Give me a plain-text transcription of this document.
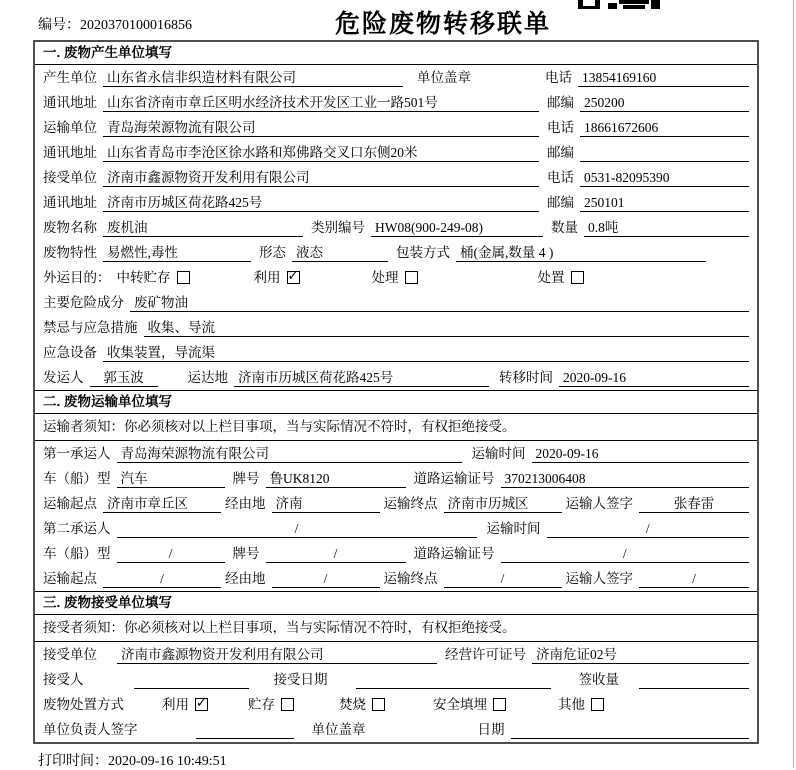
编号：2020370100016856	危险废物转移联单
一. 废物产生单位填写
产生单位 山东省永信非织造材料有限公司	单位盖章	电话 13854169160
通讯地址 山东省济南市章丘区明水经济技术开发区工业一路501号	邮编 250200
运输单位 青岛海荣源物流有限公司	电话 18661672606
通讯地址 山东省青岛市李沧区徐水路和郑佛路交叉口东侧20米	邮编
接受单位 济南市鑫源物资开发利用有限公司	电话 0531-82095390
通讯地址 济南市历城区荷花路425号	邮编 250101
废物名称 废机油	类别编号 HW08(900-249-08)	数量 0.8吨
废物特性 易燃性,毒性	形态 液态	包装方式 桶(金属,数量 4 )
外运目的： 中转贮存	利用 ✓	处理	处置
主要危险成分 废矿物油
禁忌与应急措施 收集、导流
应急设备 收集装置，导流渠
发运人	郭玉波	运达地 济南市历城区荷花路425号	转移时间 2020-09-16
二. 废物运输单位填写
运输者须知：你必须核对以上栏目事项，当与实际情况不符时，有权拒绝接受。
第一承运人 青岛海荣源物流有限公司	运输时间 2020-09-16
车（船）型 汽车	牌号 鲁UK8120	道路运输证号 370213006408
运输起点 济南市章丘区	经由地 济南	运输终点 济南市历城区	运输人签字	张春雷
第二承运人	/	运输时间	/
车（船）型	/	牌号	/	道路运输证号	/
运输起点	/	经由地	/	运输终点	/	运输人签字	/
三. 废物接受单位填写
接受者须知：你必须核对以上栏目事项，当与实际情况不符时，有权拒绝接受。
接受单位 济南市鑫源物资开发利用有限公司	经营许可证号 济南危证02号
接受人	接受日期	签收量
废物处置方式	利用 ✓	贮存	焚烧	安全填埋	其他
单位负责人签字	单位盖章	日期
打印时间：2020-09-16 10:49:51
